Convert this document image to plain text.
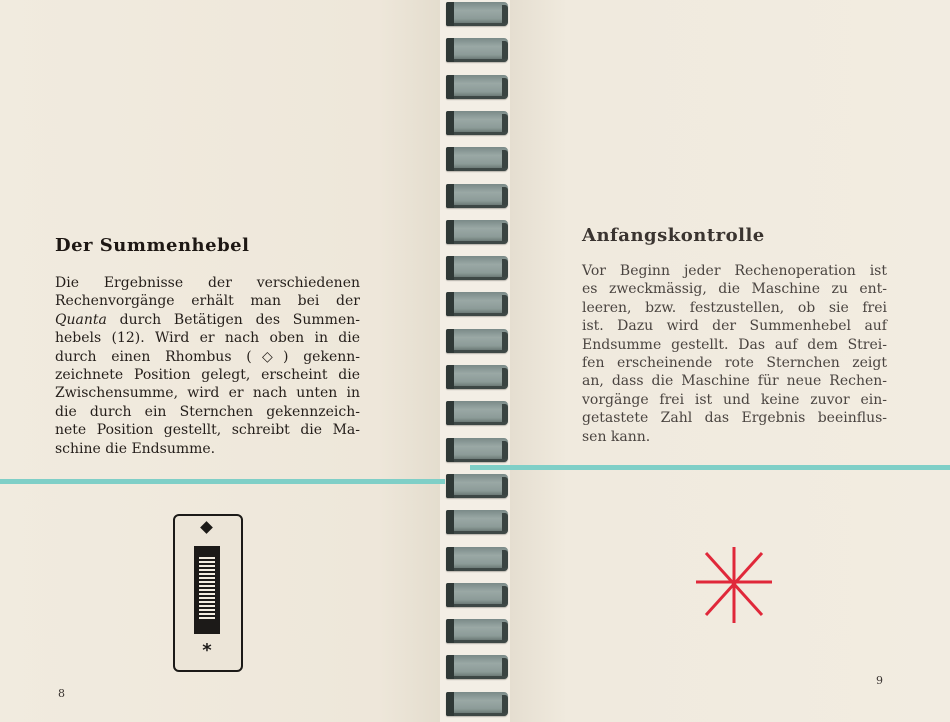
Der Summenhebel

Die Ergebnisse der verschiedenen
Rechenvorgänge erhält man bei der
Quanta durch Betätigen des Summen-
hebels (12). Wird er nach oben in die
durch einen Rhombus (◇) gekenn-
zeichnete Position gelegt, erscheint die
Zwischensumme, wird er nach unten in
die durch ein Sternchen gekennzeich-
nete Position gestellt, schreibt die Ma-
schine die Endsumme.

*

8

Anfangskontrolle

Vor Beginn jeder Rechenoperation ist
es zweckmässig, die Maschine zu ent-
leeren, bzw. festzustellen, ob sie frei
ist. Dazu wird der Summenhebel auf
Endsumme gestellt. Das auf dem Strei-
fen erscheinende rote Sternchen zeigt
an, dass die Maschine für neue Rechen-
vorgänge frei ist und keine zuvor ein-
getastete Zahl das Ergebnis beeinflus-
sen kann.

9
